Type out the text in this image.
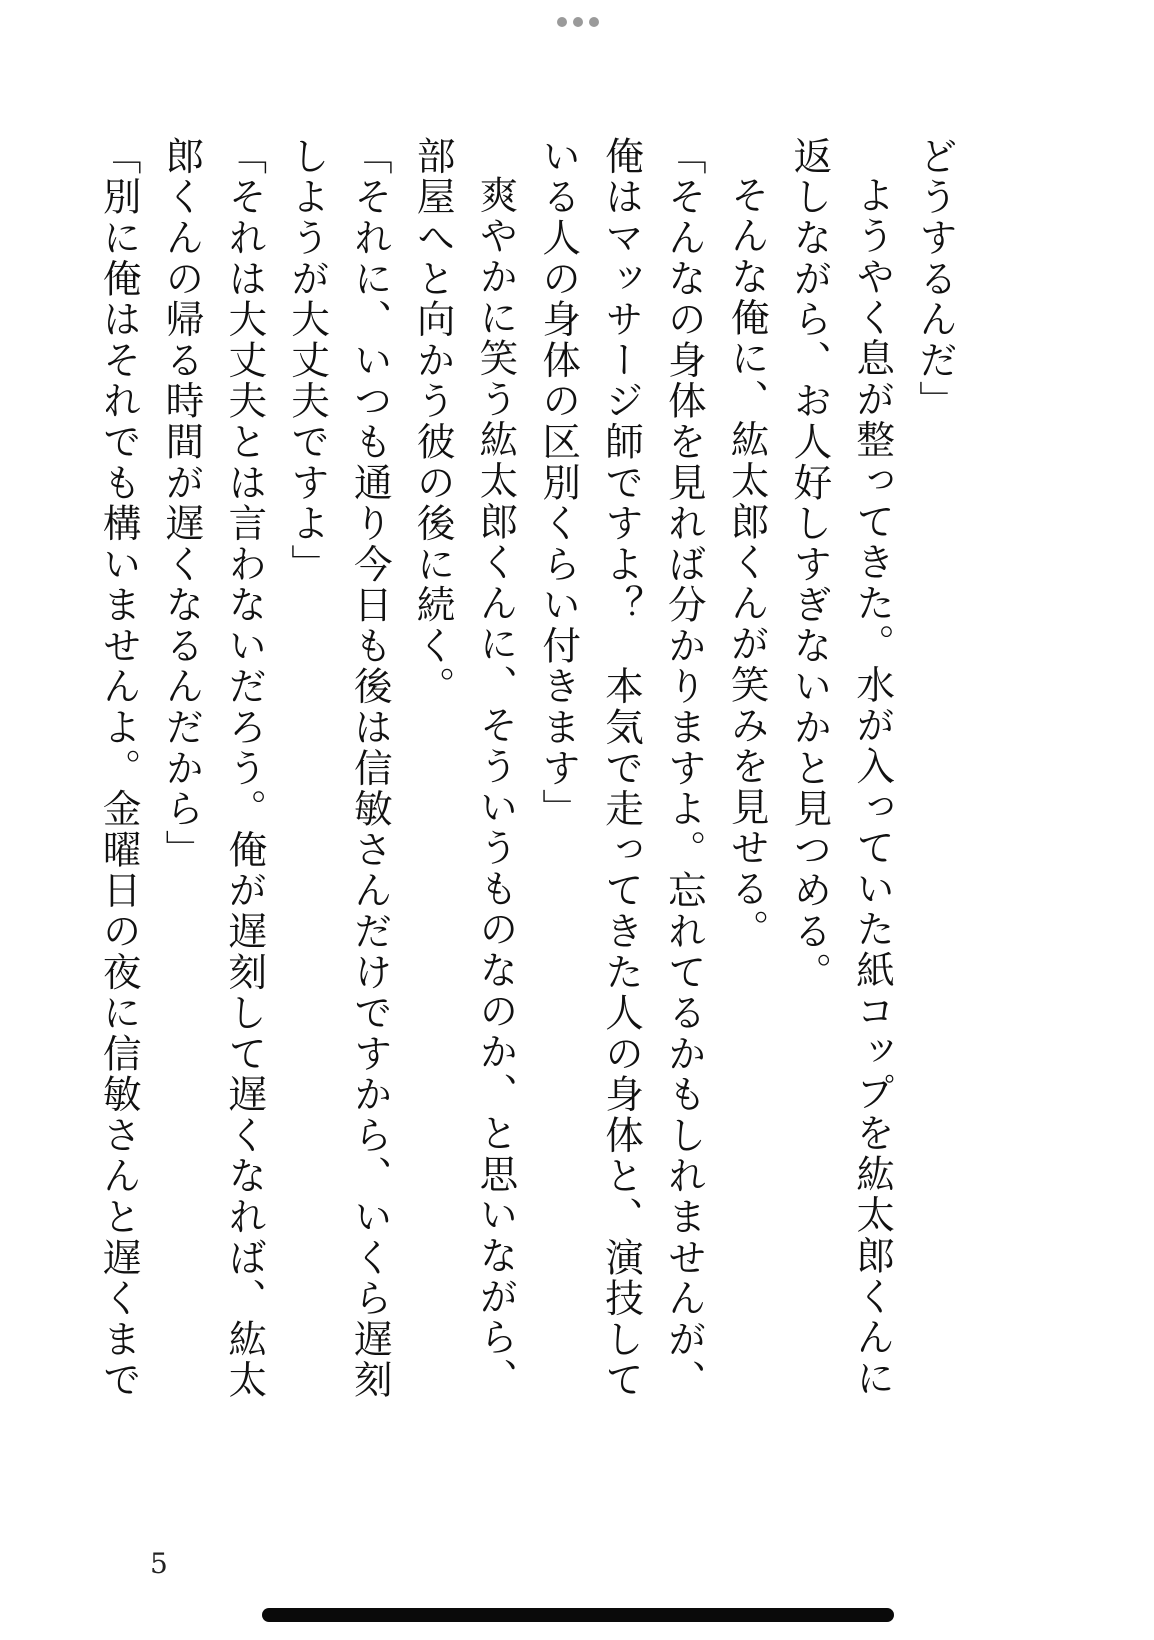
どうするんだ」
ようやく息が整ってきた。水が入っていた紙コップを紘太郎くんに
返しながら、お人好しすぎないかと見つめる。
そんな俺に、紘太郎くんが笑みを見せる。
「そんなの身体を見れば分かりますよ。忘れてるかもしれませんが、
俺はマッサージ師ですよ？　本気で走ってきた人の身体と、演技して
いる人の身体の区別くらい付きます」
爽やかに笑う紘太郎くんに、そういうものなのか、と思いながら、
部屋へと向かう彼の後に続く。
「それに、いつも通り今日も後は信敏さんだけですから、いくら遅刻
しようが大丈夫ですよ」
「それは大丈夫とは言わないだろう。俺が遅刻して遅くなれば、紘太
郎くんの帰る時間が遅くなるんだから」
「別に俺はそれでも構いませんよ。金曜日の夜に信敏さんと遅くまで
5
